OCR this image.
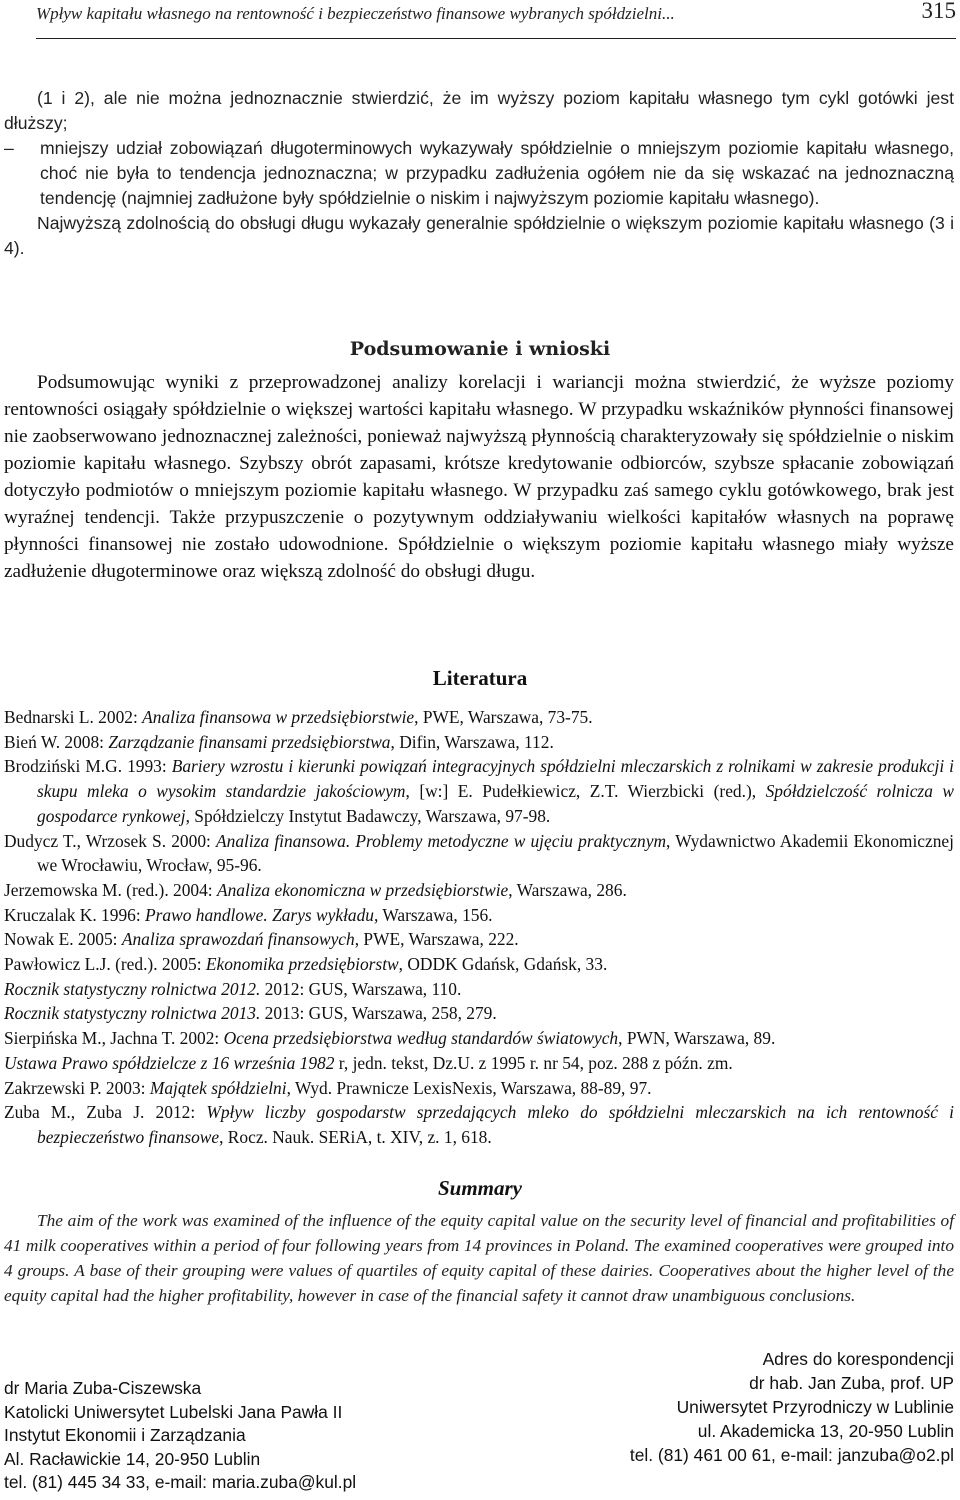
Wpływ kapitału własnego na rentowność i bezpieczeństwo finansowe wybranych spółdzielni...	315

(1 i 2), ale nie można jednoznacznie stwierdzić, że im wyższy poziom kapitału własnego tym cykl gotówki jest dłuższy;

–	mniejszy udział zobowiązań długoterminowych wykazywały spółdzielnie o mniejszym poziomie kapitału własnego, choć nie była to tendencja jednoznaczna; w przypadku zadłużenia ogółem nie da się wskazać na jednoznaczną tendencję (najmniej zadłużone były spółdzielnie o niskim i najwyższym poziomie kapitału własnego).

Najwyższą zdolnością do obsługi długu wykazały generalnie spółdzielnie o większym poziomie kapitału własnego (3 i 4).

Podsumowanie i wnioski

Podsumowując wyniki z przeprowadzonej analizy korelacji i wariancji można stwierdzić, że wyższe poziomy rentowności osiągały spółdzielnie o większej wartości kapitału własnego. W przypadku wskaźników płynności finansowej nie zaobserwowano jednoznacznej zależności, ponieważ najwyższą płynnością charakteryzowały się spółdzielnie o niskim poziomie kapitału własnego. Szybszy obrót zapasami, krótsze kredytowanie odbiorców, szybsze spłacanie zobowiązań dotyczyło podmiotów o mniejszym poziomie kapitału własnego. W przypadku zaś samego cyklu gotówkowego, brak jest wyraźnej tendencji. Także przypuszczenie o pozytywnym oddziaływaniu wielkości kapitałów własnych na poprawę płynności finansowej nie zostało udowodnione. Spółdzielnie o większym poziomie kapitału własnego miały wyższe zadłużenie długoterminowe oraz większą zdolność do obsługi długu.

Literatura
Bednarski L. 2002: Analiza finansowa w przedsiębiorstwie, PWE, Warszawa, 73-75.
Bień W. 2008: Zarządzanie finansami przedsiębiorstwa, Difin, Warszawa, 112.
Brodziński M.G. 1993: Bariery wzrostu i kierunki powiązań integracyjnych spółdzielni mleczarskich z rolnikami w zakresie produkcji i skupu mleka o wysokim standardzie jakościowym, [w:] E. Pudełkiewicz, Z.T. Wierzbicki (red.), Spółdzielczość rolnicza w gospodarce rynkowej, Spółdzielczy Instytut Badawczy, Warszawa, 97-98.
Dudycz T., Wrzosek S. 2000: Analiza finansowa. Problemy metodyczne w ujęciu praktycznym, Wydawnictwo Akademii Ekonomicznej we Wrocławiu, Wrocław, 95-96.
Jerzemowska M. (red.). 2004: Analiza ekonomiczna w przedsiębiorstwie, Warszawa, 286.
Kruczalak K. 1996: Prawo handlowe. Zarys wykładu, Warszawa, 156.
Nowak E. 2005: Analiza sprawozdań finansowych, PWE, Warszawa, 222.
Pawłowicz L.J. (red.). 2005: Ekonomika przedsiębiorstw, ODDK Gdańsk, Gdańsk, 33.
Rocznik statystyczny rolnictwa 2012. 2012: GUS, Warszawa, 110.
Rocznik statystyczny rolnictwa 2013. 2013: GUS, Warszawa, 258, 279.
Sierpińska M., Jachna T. 2002: Ocena przedsiębiorstwa według standardów światowych, PWN, Warszawa, 89.
Ustawa Prawo spółdzielcze z 16 września 1982 r, jedn. tekst, Dz.U. z 1995 r. nr 54, poz. 288 z późn. zm.
Zakrzewski P. 2003: Majątek spółdzielni, Wyd. Prawnicze LexisNexis, Warszawa, 88-89, 97.
Zuba M., Zuba J. 2012: Wpływ liczby gospodarstw sprzedających mleko do spółdzielni mleczarskich na ich rentowność i bezpieczeństwo finansowe, Rocz. Nauk. SERiA, t. XIV, z. 1, 618.
Summary

The aim of the work was examined of the influence of the equity capital value on the security level of financial and profitabilities of 41 milk cooperatives within a period of four following years from 14 provinces in Poland. The examined cooperatives were grouped into 4 groups. A base of their grouping were values of quartiles of equity capital of these dairies. Cooperatives about the higher level of the equity capital had the higher profitability, however in case of the financial safety it cannot draw unambiguous conclusions.

Adres do korespondencji
dr hab. Jan Zuba, prof. UP
Uniwersytet Przyrodniczy w Lublinie
ul. Akademicka 13, 20-950 Lublin
tel. (81) 461 00 61, e-mail: janzuba@o2.pl
dr Maria Zuba-Ciszewska
Katolicki Uniwersytet Lubelski Jana Pawła II
Instytut Ekonomii i Zarządzania
Al. Racławickie 14, 20-950 Lublin
tel. (81) 445 34 33, e-mail: maria.zuba@kul.pl
